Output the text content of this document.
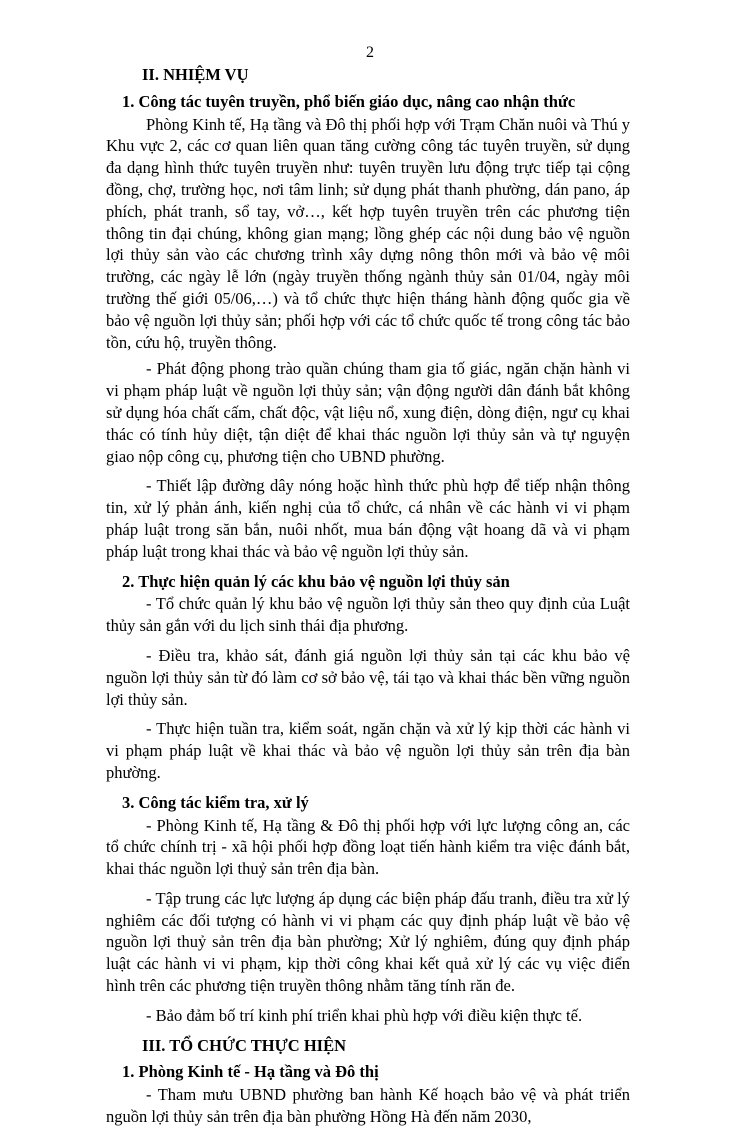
2
II. NHIỆM VỤ
1. Công tác tuyên truyền, phổ biến giáo dục, nâng cao nhận thức

Phòng Kinh tế, Hạ tầng và Đô thị phối hợp với Trạm Chăn nuôi và Thú y Khu vực 2, các cơ quan liên quan tăng cường công tác tuyên truyền, sử dụng đa dạng hình thức tuyên truyền như: tuyên truyền lưu động trực tiếp tại cộng đồng, chợ, trường học, nơi tâm linh; sử dụng phát thanh phường, dán pano, áp phích, phát tranh, sổ tay, vở…, kết hợp tuyên truyền trên các phương tiện thông tin đại chúng, không gian mạng; lồng ghép các nội dung bảo vệ nguồn lợi thủy sản vào các chương trình xây dựng nông thôn mới và bảo vệ môi trường, các ngày lễ lớn (ngày truyền thống ngành thủy sản 01/04, ngày môi trường thế giới 05/06,…) và tổ chức thực hiện tháng hành động quốc gia về bảo vệ nguồn lợi thủy sản; phối hợp với các tổ chức quốc tế trong công tác bảo tồn, cứu hộ, truyền thông.

- Phát động phong trào quần chúng tham gia tố giác, ngăn chặn hành vi vi phạm pháp luật về nguồn lợi thủy sản; vận động người dân đánh bắt không sử dụng hóa chất cấm, chất độc, vật liệu nổ, xung điện, dòng điện, ngư cụ khai thác có tính hủy diệt, tận diệt để khai thác nguồn lợi thủy sản và tự nguyện giao nộp công cụ, phương tiện cho UBND phường.

- Thiết lập đường dây nóng hoặc hình thức phù hợp để tiếp nhận thông tin, xử lý phản ánh, kiến nghị của tổ chức, cá nhân về các hành vi vi phạm pháp luật trong săn bắn, nuôi nhốt, mua bán động vật hoang dã và vi phạm pháp luật trong khai thác và bảo vệ nguồn lợi thủy sản.

2. Thực hiện quản lý các khu bảo vệ nguồn lợi thủy sản

- Tổ chức quản lý khu bảo vệ nguồn lợi thủy sản theo quy định của Luật thủy sản gắn với du lịch sinh thái địa phương.

- Điều tra, khảo sát, đánh giá nguồn lợi thủy sản tại các khu bảo vệ nguồn lợi thủy sản từ đó làm cơ sở bảo vệ, tái tạo và khai thác bền vững nguồn lợi thủy sản.

- Thực hiện tuần tra, kiểm soát, ngăn chặn và xử lý kịp thời các hành vi vi phạm pháp luật về khai thác và bảo vệ nguồn lợi thủy sản trên địa bàn phường.

3. Công tác kiểm tra, xử lý

- Phòng Kinh tế, Hạ tầng & Đô thị phối hợp với lực lượng công an, các tổ chức chính trị - xã hội phối hợp đồng loạt tiến hành kiểm tra việc đánh bắt, khai thác nguồn lợi thuỷ sản trên địa bàn.

- Tập trung các lực lượng áp dụng các biện pháp đấu tranh, điều tra xử lý nghiêm các đối tượng có hành vi vi phạm các quy định pháp luật về bảo vệ nguồn lợi thuỷ sản trên địa bàn phường; Xử lý nghiêm, đúng quy định pháp luật các hành vi vi phạm, kịp thời công khai kết quả xử lý các vụ việc điển hình trên các phương tiện truyền thông nhằm tăng tính răn đe.

- Bảo đảm bố trí kinh phí triển khai phù hợp với điều kiện thực tế.

III. TỔ CHỨC THỰC HIỆN
1. Phòng Kinh tế - Hạ tầng và Đô thị

- Tham mưu UBND phường ban hành Kế hoạch bảo vệ và phát triển nguồn lợi thủy sản trên địa bàn phường Hồng Hà đến năm 2030,
